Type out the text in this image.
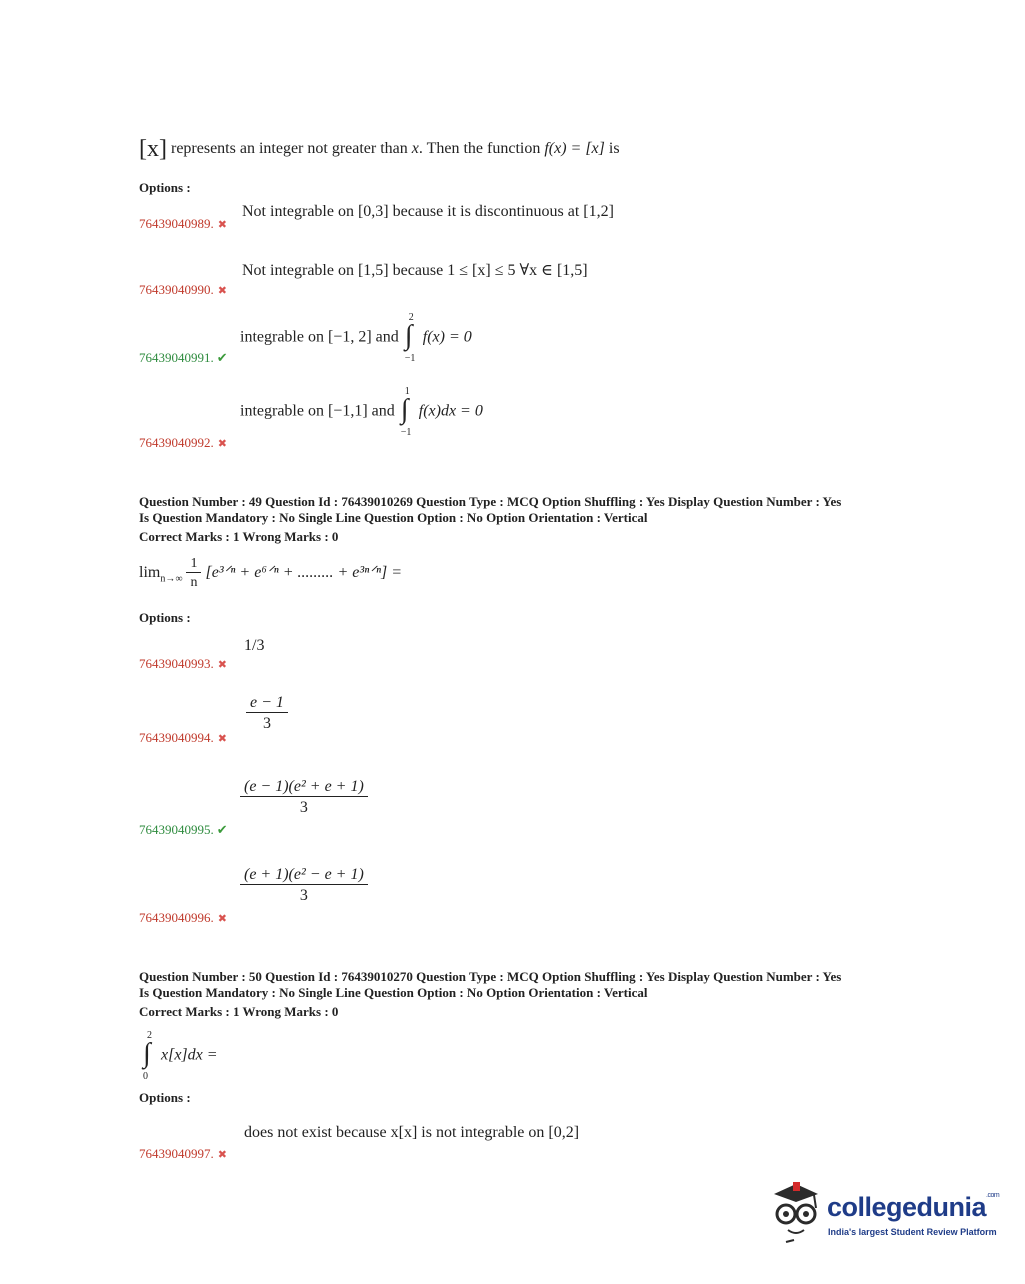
[x] represents an integer not greater than x. Then the function f(x) = [x] is
Options :
Not integrable on [0,3] because it is discontinuous at [1,2]
76439040989. ✖
Not integrable on [1,5] because 1 ≤ [x] ≤ 5 ∀x ∈ [1,5]
76439040990. ✖
integrable on [−1, 2] and
2
∫
−1
f(x) = 0
76439040991. ✔
integrable on [−1,1] and
1
∫
−1
f(x)dx = 0
76439040992. ✖
Question Number : 49 Question Id : 76439010269 Question Type : MCQ Option Shuffling : Yes Display Question Number : Yes
Is Question Mandatory : No Single Line Question Option : No Option Orientation : Vertical
Correct Marks : 1 Wrong Marks : 0
$\lim_{n\to\infty} \frac{1}{n}$ [e³ᐟⁿ + e⁶ᐟⁿ + ......... + e³ⁿᐟⁿ] =
Options :
1/3
76439040993. ✖
$\frac{e - 1}{3}$
76439040994. ✖
$\frac{\text{(e − 1)(e² + e + 1)}}{3}$
76439040995. ✔
$\frac{\text{(e + 1)(e² − e + 1)}}{3}$
76439040996. ✖
Question Number : 50 Question Id : 76439010270 Question Type : MCQ Option Shuffling : Yes Display Question Number : Yes
Is Question Mandatory : No Single Line Question Option : No Option Orientation : Vertical
Correct Marks : 1 Wrong Marks : 0
2
∫
0
x[x]dx =
Options :
does not exist because x[x] is not integrable on [0,2]
76439040997. ✖
collegedunia$^{.com}$
India's largest Student Review Platform
